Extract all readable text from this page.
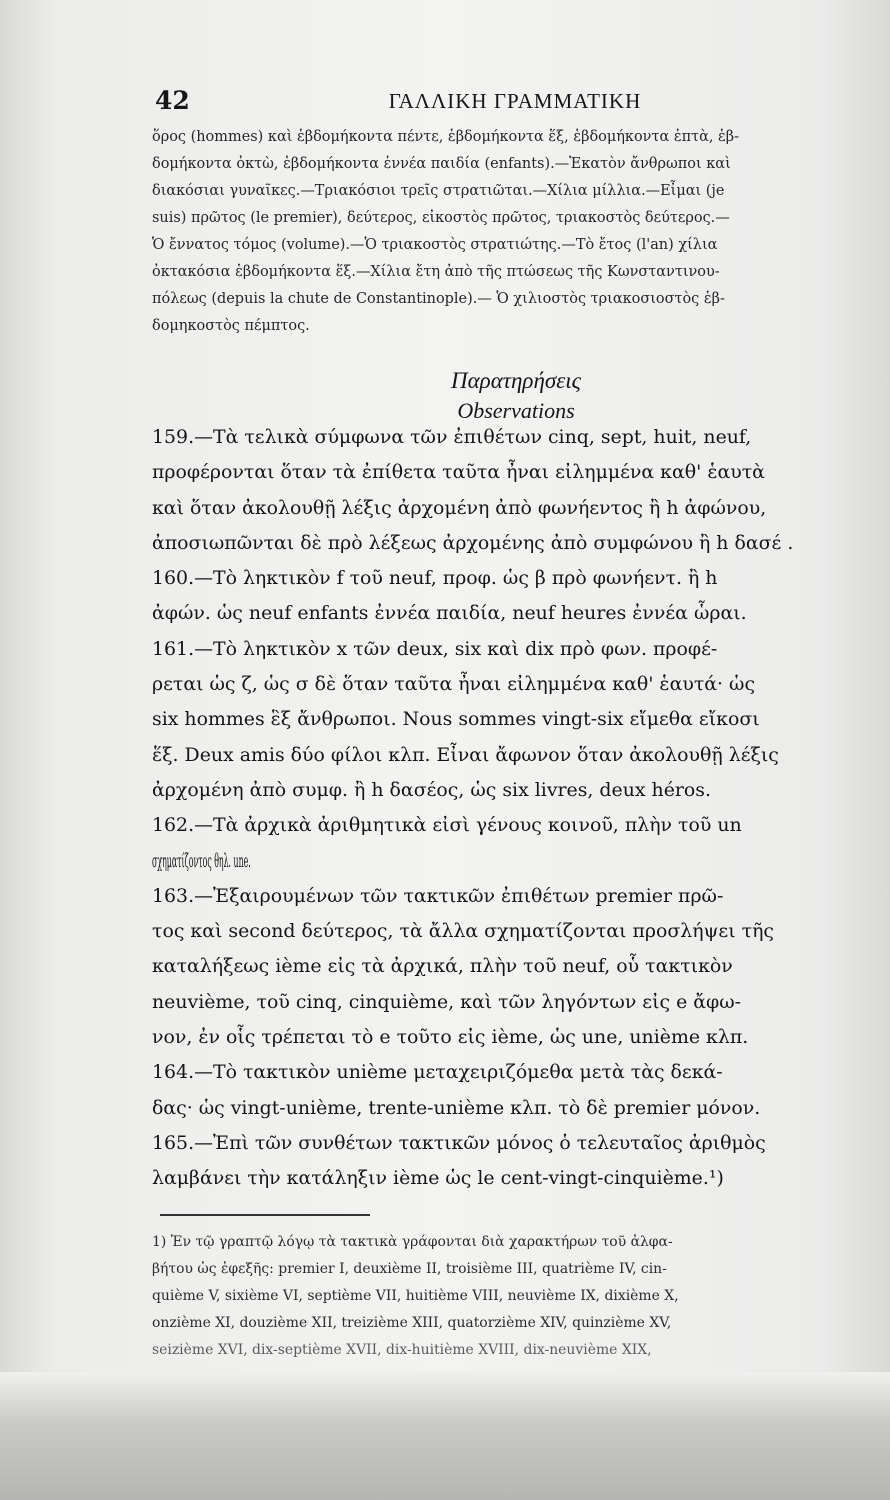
42	ΓΑΛΛΙΚΗ ΓΡΑΜΜΑΤΙΚΗ
ὅρος (hommes) καὶ ἑβδομήκοντα πέντε, ἑβδομήκοντα ἕξ, ἑβδομήκοντα ἑπτὰ, ἑβ-
δομήκοντα ὀκτὼ, ἑβδομήκοντα ἐννέα παιδία (enfants).—Ἑκατὸν ἄνθρωποι καὶ
διακόσιαι γυναῖκες.—Τριακόσιοι τρεῖς στρατιῶται.—Χίλια μίλλια.—Εἶμαι (je
suis) πρῶτος (le premier), δεύτερος, εἰκοστὸς πρῶτος, τριακοστὸς δεύτερος.—
Ὁ ἔννατος τόμος (volume).—Ὁ τριακοστὸς στρατιώτης.—Τὸ ἔτος (l'an) χίλια
ὀκτακόσια ἑβδομήκοντα ἕξ.—Χίλια ἔτη ἀπὸ τῆς πτώσεως τῆς Κωνσταντινου-
πόλεως (depuis la chute de Constantinople).— Ὁ χιλιοστὸς τριακοσιοστὸς ἑβ-
δομηκοστὸς πέμπτος.
Παρατηρήσεις
Observations
159.—Τὰ τελικὰ σύμφωνα τῶν ἐπιθέτων cinq, sept, huit, neuf,
προφέρονται ὅταν τὰ ἐπίθετα ταῦτα ἦναι εἰλημμένα καθ' ἑαυτὰ
καὶ ὅταν ἀκολουθῇ λέξις ἀρχομένη ἀπὸ φωνήεντος ἢ h ἀφώνου,
ἀποσιωπῶνται δὲ πρὸ λέξεως ἀρχομένης ἀπὸ συμφώνου ἢ h δασέ .
160.—Τὸ ληκτικὸν f τοῦ neuf, προφ. ὡς β πρὸ φωνήεντ. ἢ h
ἀφών. ὡς neuf enfants ἐννέα παιδία, neuf heures ἐννέα ὧραι.
161.—Τὸ ληκτικὸν x τῶν deux, six καὶ dix πρὸ φων. προφέ-
ρεται ὡς ζ, ὡς σ δὲ ὅταν ταῦτα ἦναι εἰλημμένα καθ' ἑαυτά· ὡς
six hommes ἓξ ἄνθρωποι. Nous sommes vingt-six εἴμεθα εἴκοσι
ἕξ. Deux amis δύο φίλοι κλπ. Εἶναι ἄφωνον ὅταν ἀκολουθῇ λέξις
ἀρχομένη ἀπὸ συμφ. ἢ h δασέος, ὡς six livres, deux héros.
162.—Τὰ ἀρχικὰ ἀριθμητικὰ εἰσὶ γένους κοινοῦ, πλὴν τοῦ un
σχηματίζοντος θηλ. une.
163.—Ἐξαιρουμένων τῶν τακτικῶν ἐπιθέτων premier πρῶ-
τος καὶ second δεύτερος, τὰ ἄλλα σχηματίζονται προσλήψει τῆς
καταλήξεως ième εἰς τὰ ἀρχικά, πλὴν τοῦ neuf, οὗ τακτικὸν
neuvième, τοῦ cinq, cinquième, καὶ τῶν ληγόντων εἰς e ἄφω-
νον, ἐν οἷς τρέπεται τὸ e τοῦτο εἰς ième, ὡς une, unième κλπ.
164.—Τὸ τακτικὸν unième μεταχειριζόμεθα μετὰ τὰς δεκά-
δας· ὡς vingt-unième, trente-unième κλπ. τὸ δὲ premier μόνον.
165.—Ἐπὶ τῶν συνθέτων τακτικῶν μόνος ὁ τελευταῖος ἀριθμὸς
λαμβάνει τὴν κατάληξιν ième ὡς le cent-vingt-cinquième.¹)
1) Ἐν τῷ γραπτῷ λόγῳ τὰ τακτικὰ γράφονται διὰ χαρακτήρων τοῦ ἀλφα-
βήτου ὡς ἐφεξῆς: premier I, deuxième II, troisième III, quatrième IV, cin-
quième V, sixième VI, septième VII, huitième VIII, neuvième IX, dixième X,
onzième XI, douzième XII, treizième XIII, quatorzième XIV, quinzième XV,
seizième XVI, dix-septième XVII, dix-huitième XVIII, dix-neuvième XIX,
